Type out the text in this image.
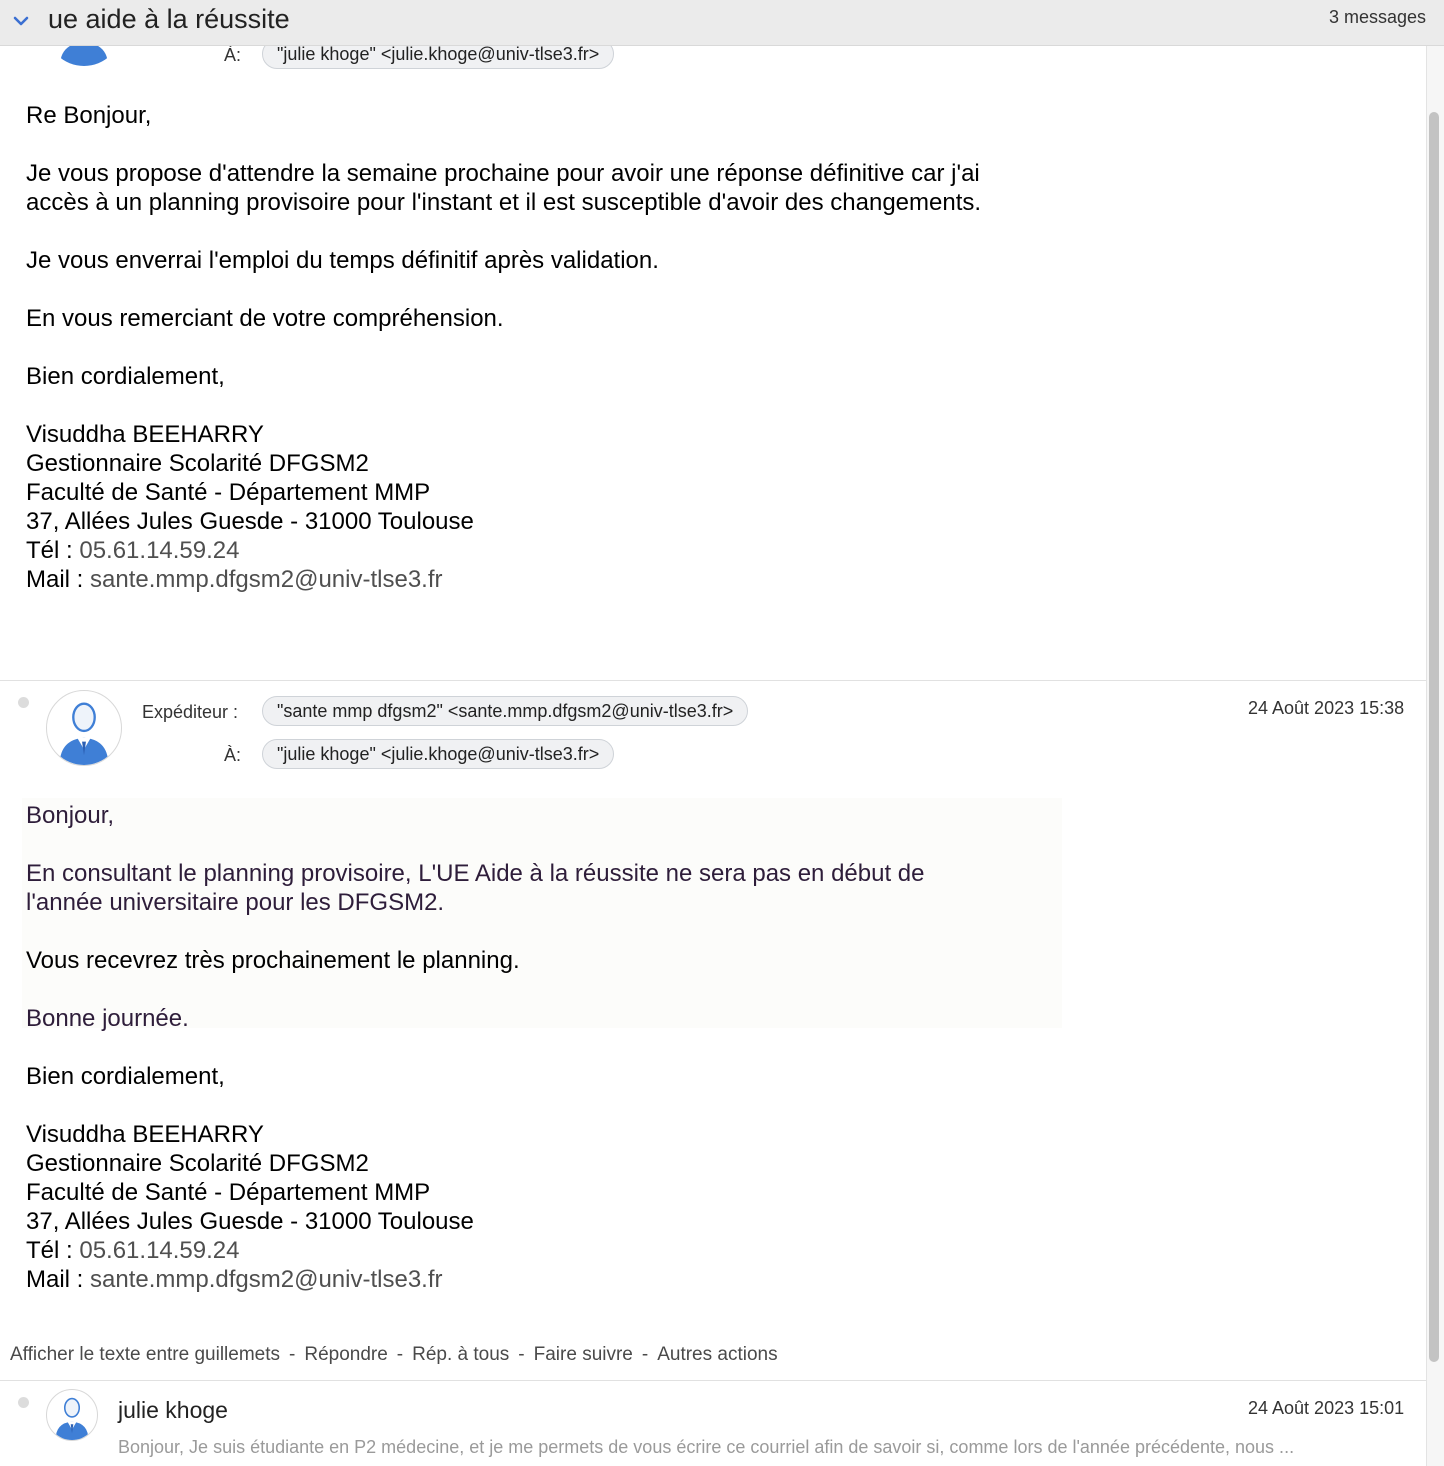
ue aide à la réussite	3 messages
À:	"julie khoge" <julie.khoge@univ-tlse3.fr>

Re Bonjour,

Je vous propose d'attendre la semaine prochaine pour avoir une réponse définitive car j'ai

accès à un planning provisoire pour l'instant et il est susceptible d'avoir des changements.

Je vous enverrai l'emploi du temps définitif après validation.

En vous remerciant de votre compréhension.

Bien cordialement,

Visuddha BEEHARRY

Gestionnaire Scolarité DFGSM2

Faculté de Santé - Département MMP

37, Allées Jules Guesde - 31000 Toulouse

Tél : 05.61.14.59.24

Mail : sante.mmp.dfgsm2@univ-tlse3.fr

Expéditeur :	"sante mmp dfgsm2" <sante.mmp.dfgsm2@univ-tlse3.fr>	24 Août 2023 15:38
À:	"julie khoge" <julie.khoge@univ-tlse3.fr>

Bonjour,

En consultant le planning provisoire, L'UE Aide à la réussite ne sera pas en début de

l'année universitaire pour les DFGSM2.

Vous recevrez très prochainement le planning.

Bonne journée.

Bien cordialement,

Visuddha BEEHARRY

Gestionnaire Scolarité DFGSM2

Faculté de Santé - Département MMP

37, Allées Jules Guesde - 31000 Toulouse

Tél : 05.61.14.59.24

Mail : sante.mmp.dfgsm2@univ-tlse3.fr

Afficher le texte entre guillemets - Répondre - Rép. à tous - Faire suivre - Autres actions
julie khoge	24 Août 2023 15:01
Bonjour, Je suis étudiante en P2 médecine, et je me permets de vous écrire ce courriel afin de savoir si, comme lors de l'année précédente, nous ...
